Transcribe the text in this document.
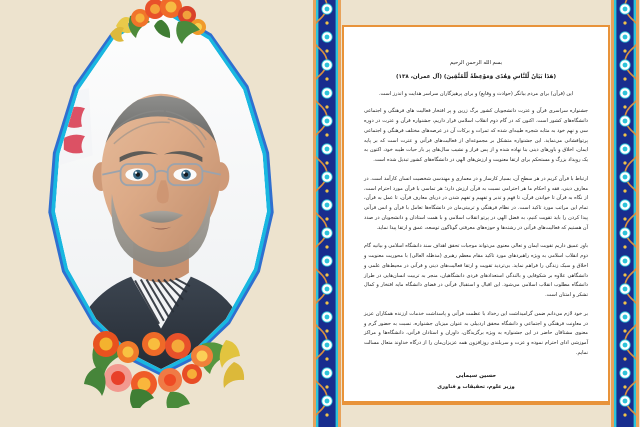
بسم الله الرحمن الرحیم
(هَذَا بَيَانٌ لِّلنَّاسِ وَهُدًى وَمَوْعِظَةٌ لِّلْمُتَّقِينَ) (آل عمران، ۱۳۸)
این (قرآن) برای مردم بیانگر (حوادث و وقایع) و برای پرهیزگاران سراسر هدایت و اندرز است.

جشنواره سراسری قرآن و عترت دانشجویان کشور برگ زرین و پر افتخار فعالیت های فرهنگی و اجتماعی دانشگاه‌های کشور است. اکنون که در گام دوم انقلاب اسلامی قرار داریم، جشنواره قرآن و عترت در دوره سی و نهم خود به مثابه شجره طیبه‌ای شده که ثمرات و برکات آن در عرصه‌های مختلف فرهنگی و اجتماعی پرتوافشانی می‌نماید. این جشنواره متشکل بر مجموعه‌ای از فعالیت‌های قرآنی و عترت است که بر پایه ایمان، اخلاق و باورهای دینی بنا نهاده شده و از پس فراز و نشیب سال‌های پر بار حیات طیبه خود، اکنون به یک رویداد بزرگ و مستحکم برای ارتقا معنویت و ارزش‌های الهی در دانشگاه‌های کشور تبدیل شده است.

ارتباط با قرآن کریم در هر سطح آن، بسیار کارساز و در معماری و مهندسی شخصیت انسان کارآمد است. در معارف دینی، فقه و احکام ما هر احترامی نسبت به قرآن ارزش دارد؛ هر تماسی با قرآن مورد احترام است، از نگاه به قرآن تا خواندن قرآن، تا فهم و تدبر‌ و تفهیم و تفهم شدن در دریای معارف قرآن، تا عمل به قرآن، تمام این مراتب مورد تاکید است. در نظام فرهنگی و تربیتی‌مان در دانشگاه‌ها تعامل با قرآن و انس قرآنی پیدا کردن را باید تقویت کنیم، به فضل الهی در پرتو انقلاب اسلامی و با همت استادان و دانشجویان در صدد آن هستیم که فعالیت‌های قرآنی در رشته‌ها و حوزه‌های معرفتی گوناگون توسعه، عمق و ارتقا پیدا نماید.

باور عمیق داریم تقویت ایمان و تعالی معنوی می‌تواند موجبات تحقق اهداف سند دانشگاه اسلامی و بیانیه گام دوم انقلاب اسلامی به ویژه راهبردهای مورد تاکید مقام معظم رهبری (مدظله العالی) با محوریت معنویت و اخلاق و سبک زندگی را فراهم نماید. بی‌تردید تقویت و ارتقا فعالیت‌های دینی و قرآنی در محیط‌های علمی و دانشگاهی علاوه بر شکوفایی و بالندگی استعدادهای فردی دانشگاهیان، منجر به تربیت انسان‌هایی در طراز دانشگاه مطلوب انقلاب اسلامی می‌شود. این اقبال و استقبال قرآنی در فضای دانشگاه مایه افتخار و کمال تشکر و امتنان است.

بر خود لازم می‌دانم ضمن گرامیداشت این رخداد با عظمت قرآنی و پاسداشت خدمات ارزنده همکاران عزیز در معاونت فرهنگی و اجتماعی و دانشگاه محقق اردبیلی به عنوان میزبان جشنواره، نسبت به حضور گرم و معنوی مشتاقان حاضر در این جشنواره به ویژه برگزیدگان، داوران و استادان قرآنی، دانشگاه‌ها و مراکز آموزشی ادای احترام نموده و عزت و سربلندی روزافزون همه عزیزان‌مان را از درگاه خداوند متعال مسالت نمایم.

حسین سیمایی
وزیر علوم، تحقیقات و فناوری
